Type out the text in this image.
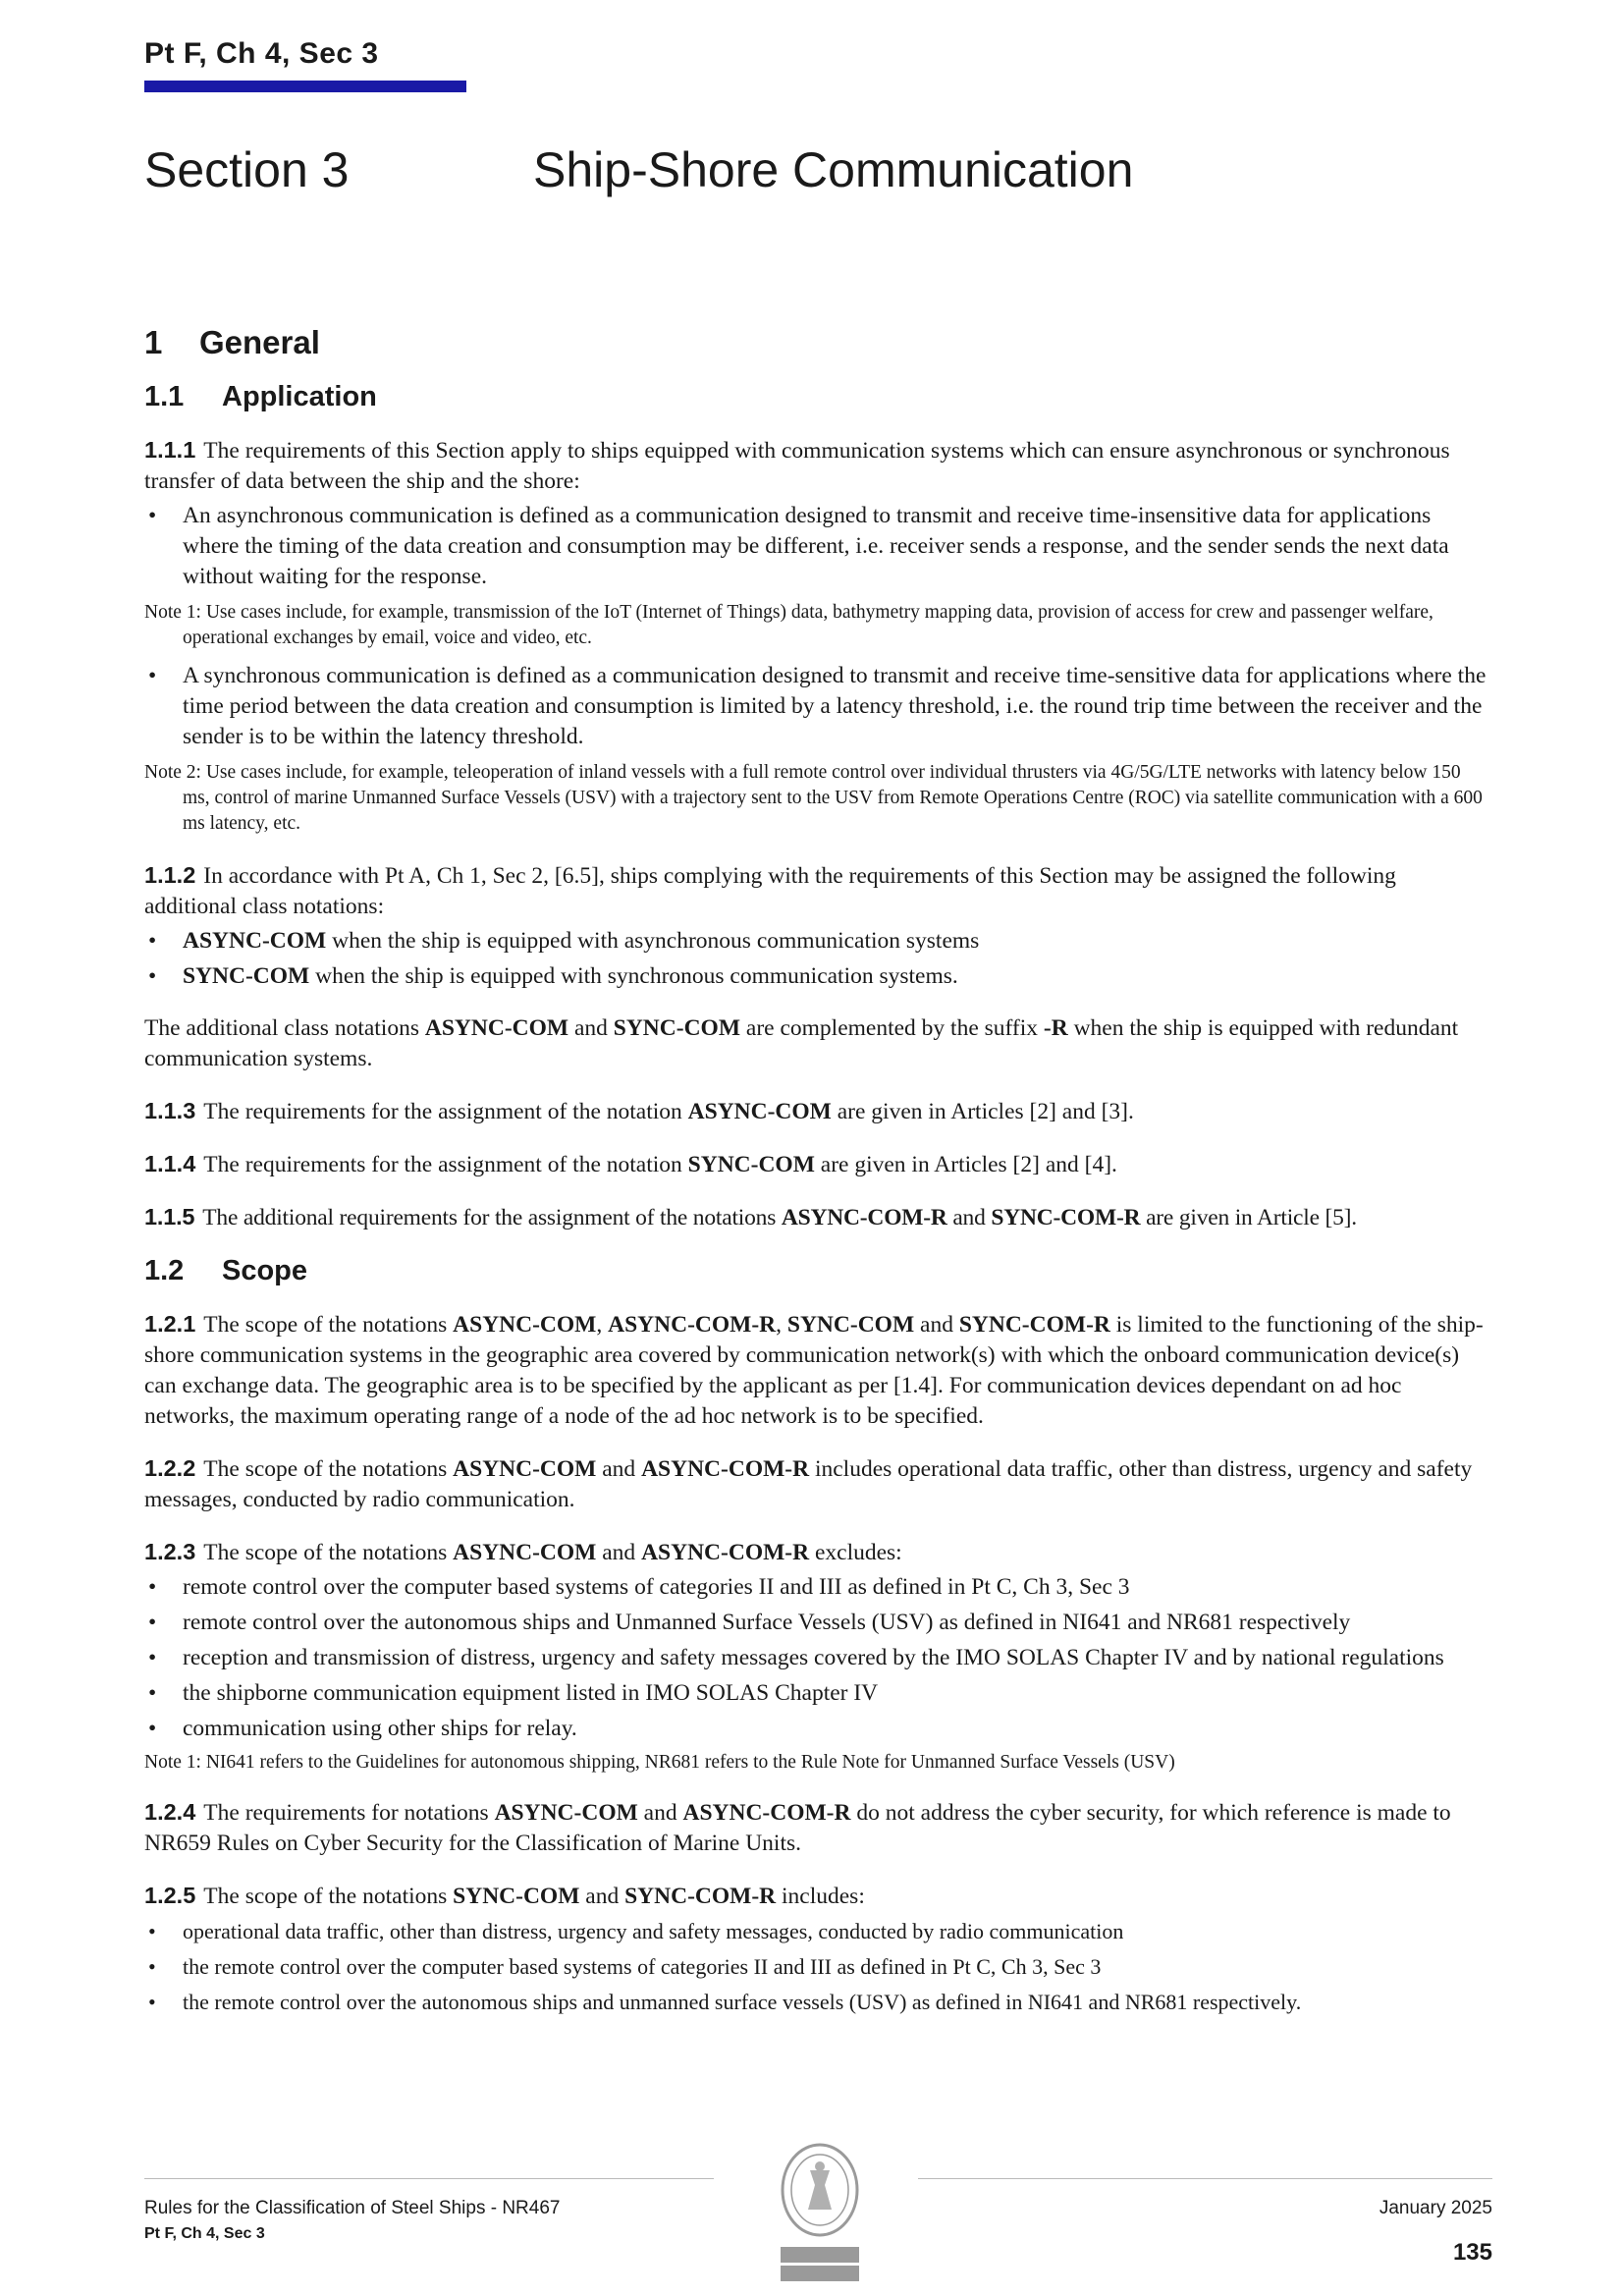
Pt F, Ch 4, Sec 3
Section 3	Ship-Shore Communication
1 General
1.1 Application

1.1.1 The requirements of this Section apply to ships equipped with communication systems which can ensure asynchronous or synchronous transfer of data between the ship and the shore:

• An asynchronous communication is defined as a communication designed to transmit and receive time-insensitive data for applications where the timing of the data creation and consumption may be different, i.e. receiver sends a response, and the sender sends the next data without waiting for the response.
Note 1: Use cases include, for example, transmission of the IoT (Internet of Things) data, bathymetry mapping data, provision of access for crew and passenger welfare, operational exchanges by email, voice and video, etc.
• A synchronous communication is defined as a communication designed to transmit and receive time-sensitive data for applications where the time period between the data creation and consumption is limited by a latency threshold, i.e. the round trip time between the receiver and the sender is to be within the latency threshold.
Note 2: Use cases include, for example, teleoperation of inland vessels with a full remote control over individual thrusters via 4G/5G/LTE networks with latency below 150 ms, control of marine Unmanned Surface Vessels (USV) with a trajectory sent to the USV from Remote Operations Centre (ROC) via satellite communication with a 600 ms latency, etc.

1.1.2 In accordance with Pt A, Ch 1, Sec 2, [6.5], ships complying with the requirements of this Section may be assigned the following additional class notations:

• ASYNC-COM when the ship is equipped with asynchronous communication systems
• SYNC-COM when the ship is equipped with synchronous communication systems.

The additional class notations ASYNC-COM and SYNC-COM are complemented by the suffix -R when the ship is equipped with redundant communication systems.

1.1.3 The requirements for the assignment of the notation ASYNC-COM are given in Articles [2] and [3].

1.1.4 The requirements for the assignment of the notation SYNC-COM are given in Articles [2] and [4].

1.1.5 The additional requirements for the assignment of the notations ASYNC-COM-R and SYNC-COM-R are given in Article [5].

1.2 Scope

1.2.1 The scope of the notations ASYNC-COM, ASYNC-COM-R, SYNC-COM and SYNC-COM-R is limited to the functioning of the ship-shore communication systems in the geographic area covered by communication network(s) with which the onboard communication device(s) can exchange data. The geographic area is to be specified by the applicant as per [1.4]. For communication devices dependant on ad hoc networks, the maximum operating range of a node of the ad hoc network is to be specified.

1.2.2 The scope of the notations ASYNC-COM and ASYNC-COM-R includes operational data traffic, other than distress, urgency and safety messages, conducted by radio communication.

1.2.3 The scope of the notations ASYNC-COM and ASYNC-COM-R excludes:

• remote control over the computer based systems of categories II and III as defined in Pt C, Ch 3, Sec 3
• remote control over the autonomous ships and Unmanned Surface Vessels (USV) as defined in NI641 and NR681 respectively
• reception and transmission of distress, urgency and safety messages covered by the IMO SOLAS Chapter IV and by national regulations
• the shipborne communication equipment listed in IMO SOLAS Chapter IV
• communication using other ships for relay.
Note 1: NI641 refers to the Guidelines for autonomous shipping, NR681 refers to the Rule Note for Unmanned Surface Vessels (USV)

1.2.4 The requirements for notations ASYNC-COM and ASYNC-COM-R do not address the cyber security, for which reference is made to NR659 Rules on Cyber Security for the Classification of Marine Units.

1.2.5 The scope of the notations SYNC-COM and SYNC-COM-R includes:

• operational data traffic, other than distress, urgency and safety messages, conducted by radio communication
• the remote control over the computer based systems of categories II and III as defined in Pt C, Ch 3, Sec 3
• the remote control over the autonomous ships and unmanned surface vessels (USV) as defined in NI641 and NR681 respectively.
Rules for the Classification of Steel Ships - NR467
Pt F, Ch 4, Sec 3
January 2025
135
